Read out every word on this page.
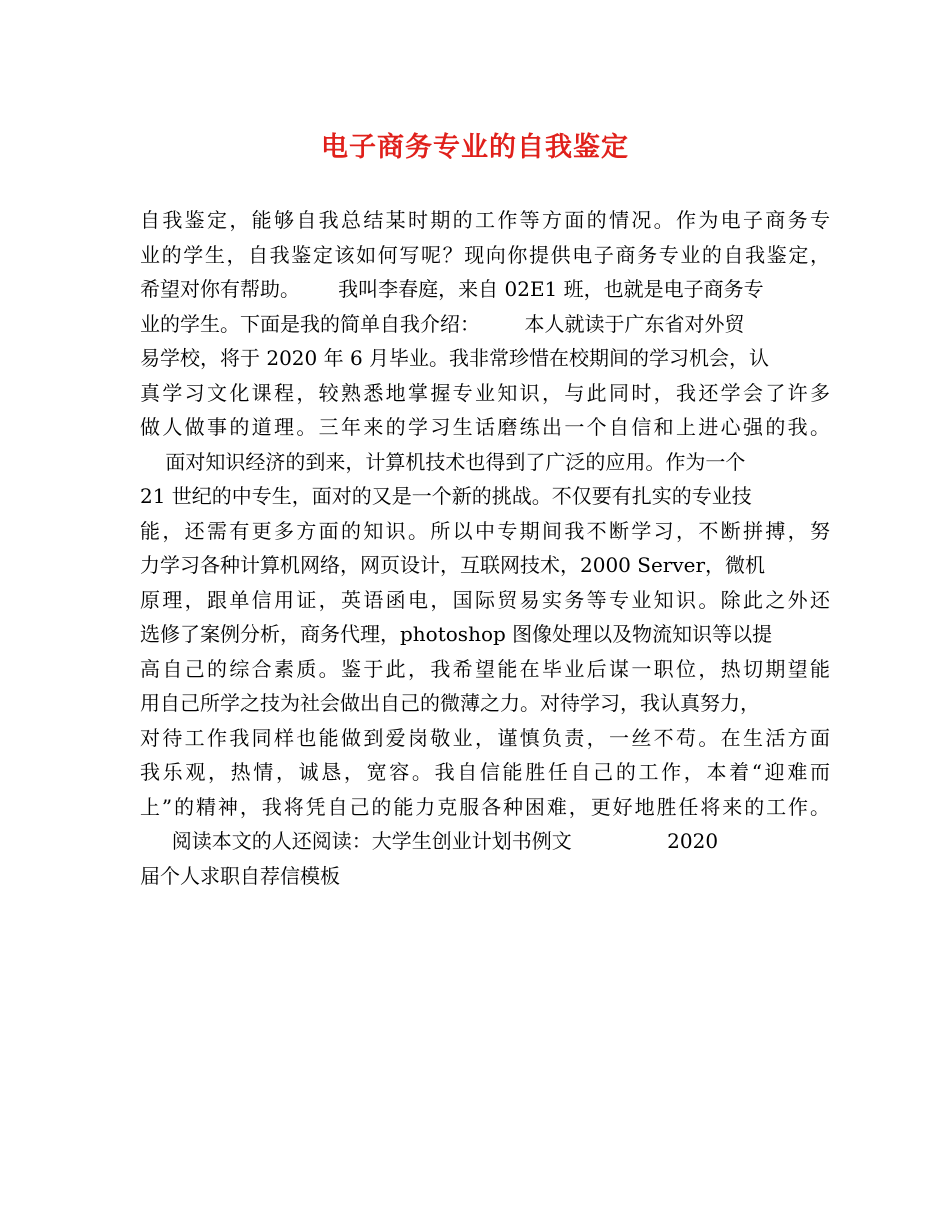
电子商务专业的自我鉴定
自我鉴定，能够自我总结某时期的工作等方面的情况。作为电子商务专
业的学生，自我鉴定该如何写呢？现向你提供电子商务专业的自我鉴定，
希望对你有帮助。      我叫李春庭，来自 02E1 班，也就是电子商务专
业的学生。下面是我的简单自我介绍：       本人就读于广东省对外贸
易学校，将于 2020 年 6 月毕业。我非常珍惜在校期间的学习机会，认
真学习文化课程，较熟悉地掌握专业知识，与此同时，我还学会了许多
做人做事的道理。三年来的学习生话磨练出一个自信和上进心强的我。
面对知识经济的到来，计算机技术也得到了广泛的应用。作为一个
21 世纪的中专生，面对的又是一个新的挑战。不仅要有扎实的专业技
能，还需有更多方面的知识。所以中专期间我不断学习，不断拼搏，努
力学习各种计算机网络，网页设计，互联网技术，2000 Server，微机
原理，跟单信用证，英语函电，国际贸易实务等专业知识。除此之外还
选修了案例分析，商务代理，photoshop 图像处理以及物流知识等以提
高自己的综合素质。鉴于此，我希望能在毕业后谋一职位，热切期望能
用自己所学之技为社会做出自己的微薄之力。对待学习，我认真努力，
对待工作我同样也能做到爱岗敬业，谨慎负责，一丝不苟。在生活方面
我乐观，热情，诚恳，宽容。我自信能胜任自己的工作，本着“迎难而
上”的精神，我将凭自己的能力克服各种困难，更好地胜任将来的工作。
阅读本文的人还阅读：大学生创业计划书例文               2020
届个人求职自荐信模板
